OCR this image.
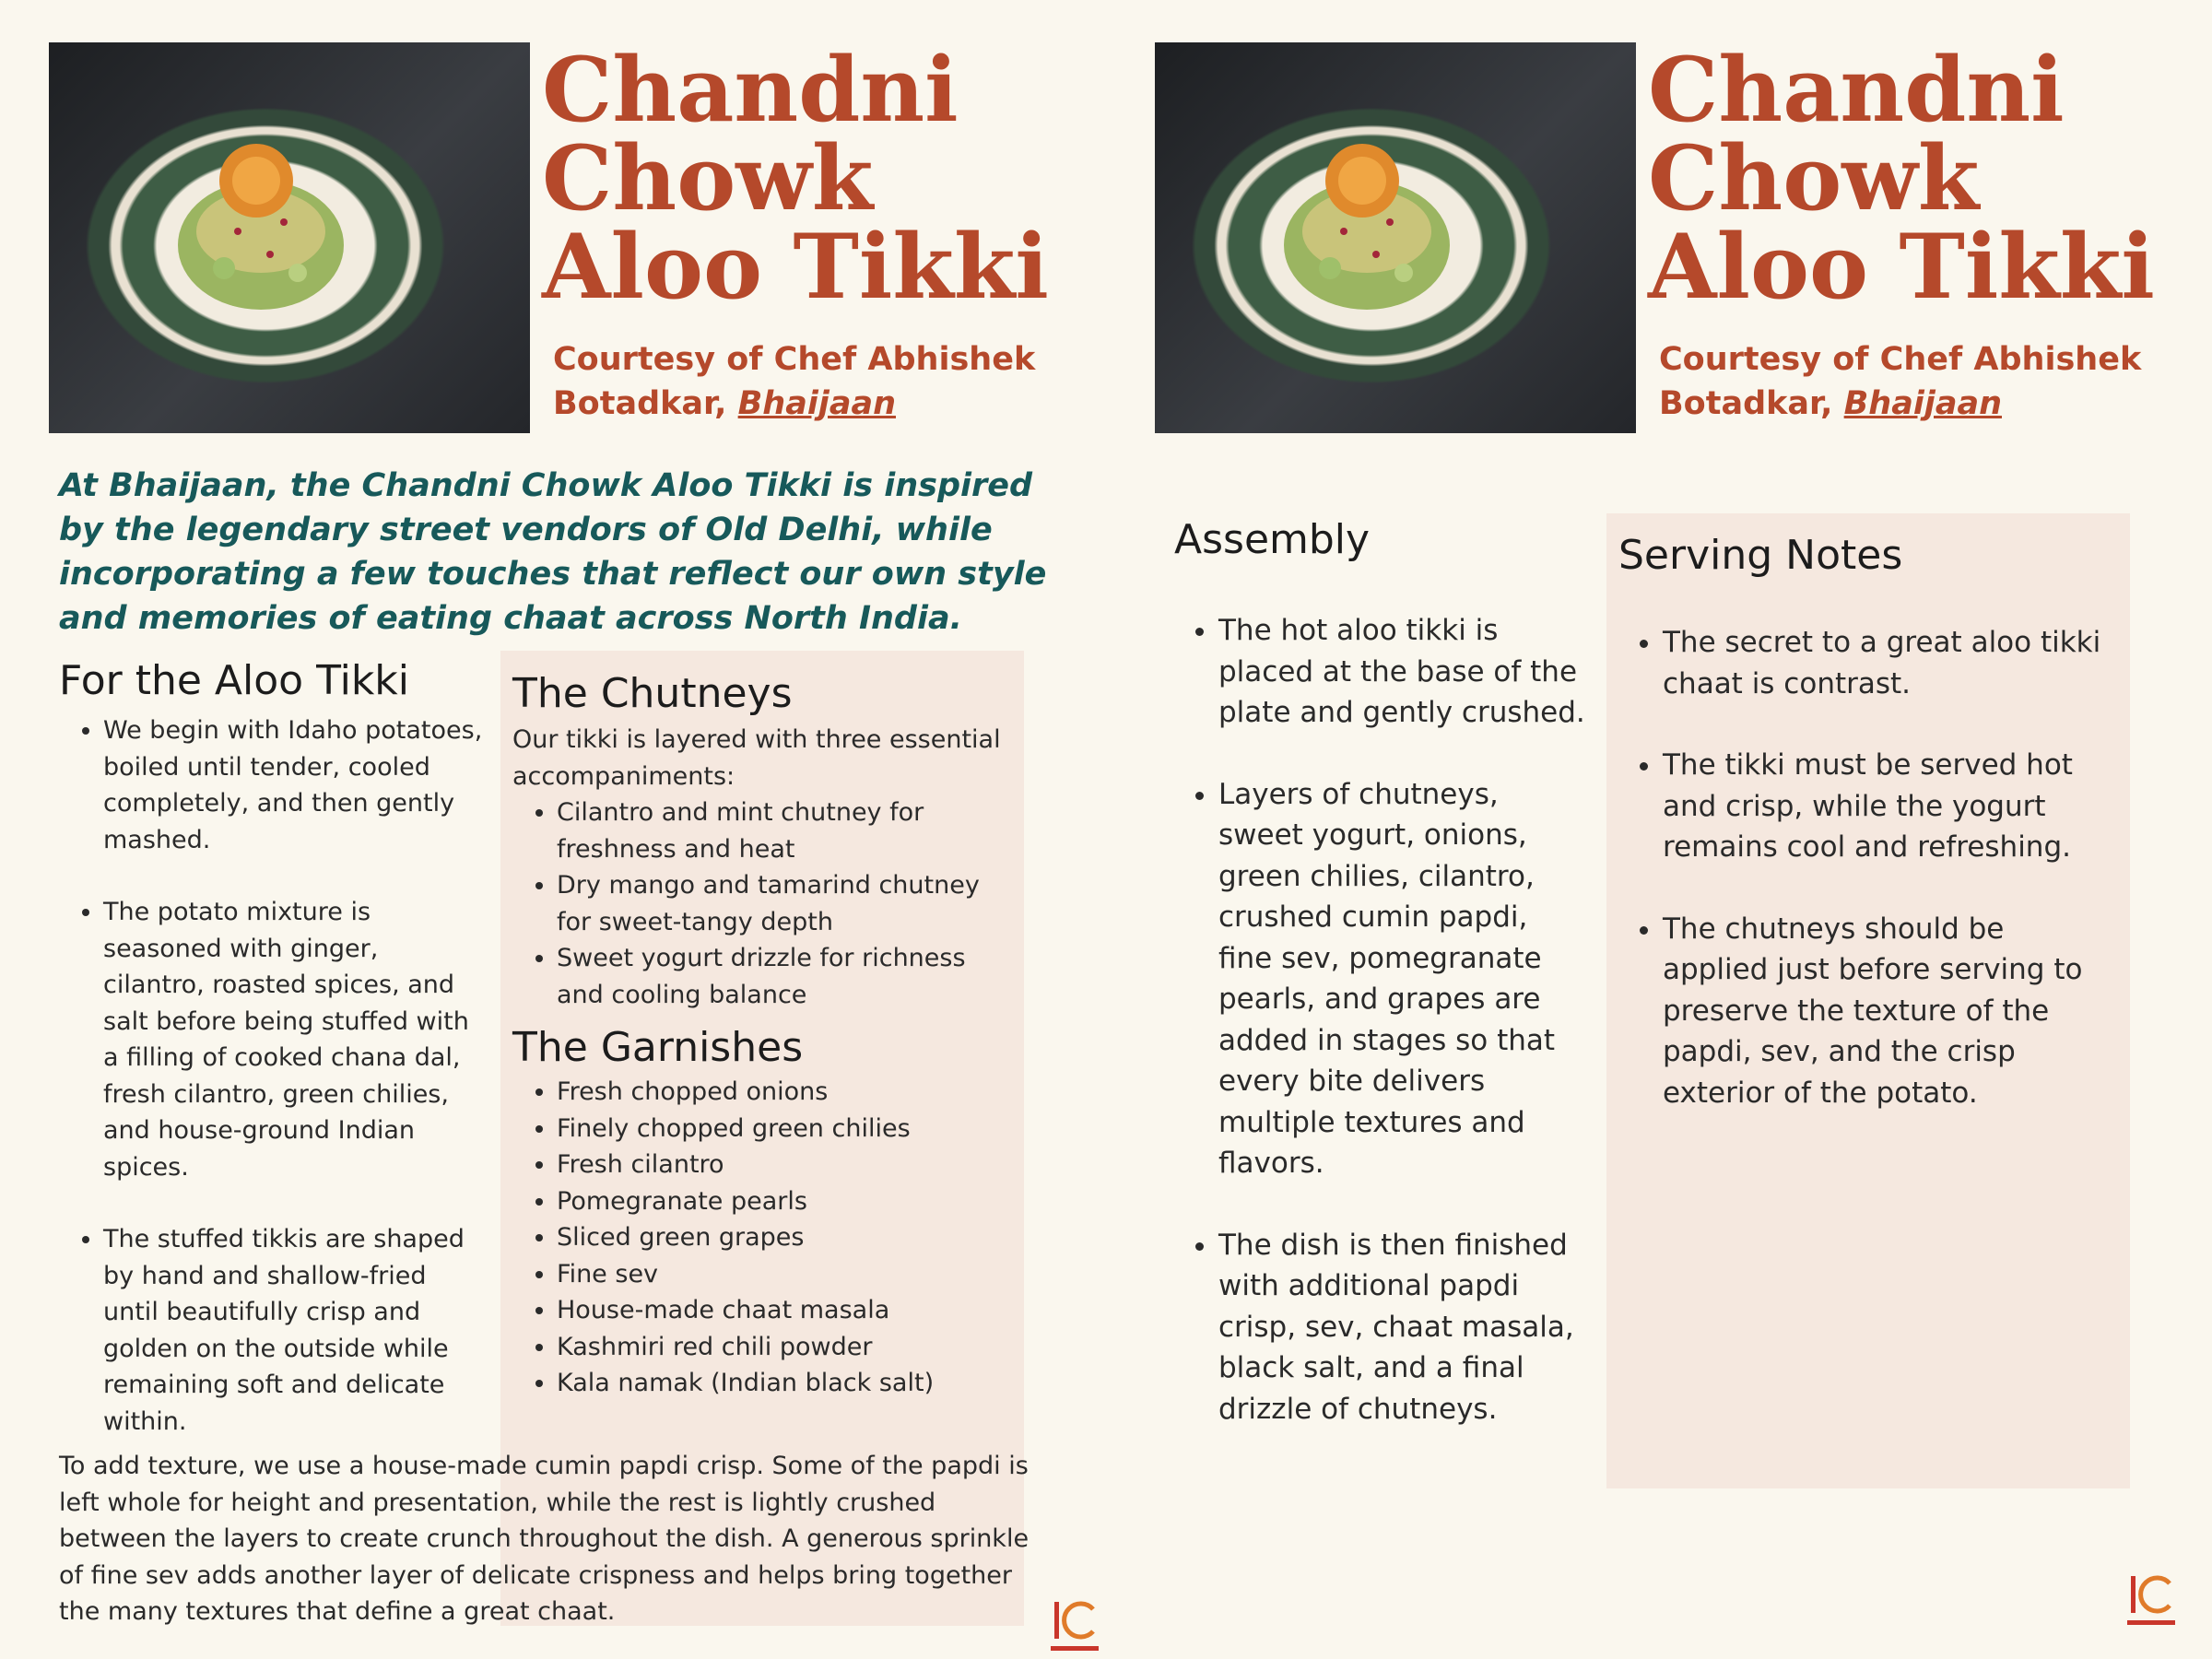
Chandni
Chowk
Aloo Tikki
Courtesy of Chef Abhishek Botadkar, Bhaijaan
At Bhaijaan, the Chandni Chowk Aloo Tikki is inspired by the legendary street vendors of Old Delhi, while incorporating a few touches that reflect our own style and memories of eating chaat across North India.
For the Aloo Tikki
• We begin with Idaho potatoes, boiled until tender, cooled completely, and then gently mashed.
• The potato mixture is seasoned with ginger, cilantro, roasted spices, and salt before being stuffed with a filling of cooked chana dal, fresh cilantro, green chilies, and house-ground Indian spices.
• The stuffed tikkis are shaped by hand and shallow-fried until beautifully crisp and golden on the outside while remaining soft and delicate within.
The Chutneys
Our tikki is layered with three essential accompaniments:
• Cilantro and mint chutney for freshness and heat
• Dry mango and tamarind chutney for sweet-tangy depth
• Sweet yogurt drizzle for richness and cooling balance
The Garnishes
• Fresh chopped onions
• Finely chopped green chilies
• Fresh cilantro
• Pomegranate pearls
• Sliced green grapes
• Fine sev
• House-made chaat masala
• Kashmiri red chili powder
• Kala namak (Indian black salt)
To add texture, we use a house-made cumin papdi crisp. Some of the papdi is left whole for height and presentation, while the rest is lightly crushed between the layers to create crunch throughout the dish. A generous sprinkle of fine sev adds another layer of delicate crispness and helps bring together the many textures that define a great chaat.
Chandni
Chowk
Aloo Tikki
Courtesy of Chef Abhishek Botadkar, Bhaijaan
Assembly
• The hot aloo tikki is placed at the base of the plate and gently crushed.
• Layers of chutneys, sweet yogurt, onions, green chilies, cilantro, crushed cumin papdi, fine sev, pomegranate pearls, and grapes are added in stages so that every bite delivers multiple textures and flavors.
• The dish is then finished with additional papdi crisp, sev, chaat masala, black salt, and a final drizzle of chutneys.
Serving Notes
• The secret to a great aloo tikki chaat is contrast.
• The tikki must be served hot and crisp, while the yogurt remains cool and refreshing.
• The chutneys should be applied just before serving to preserve the texture of the papdi, sev, and the crisp exterior of the potato.
